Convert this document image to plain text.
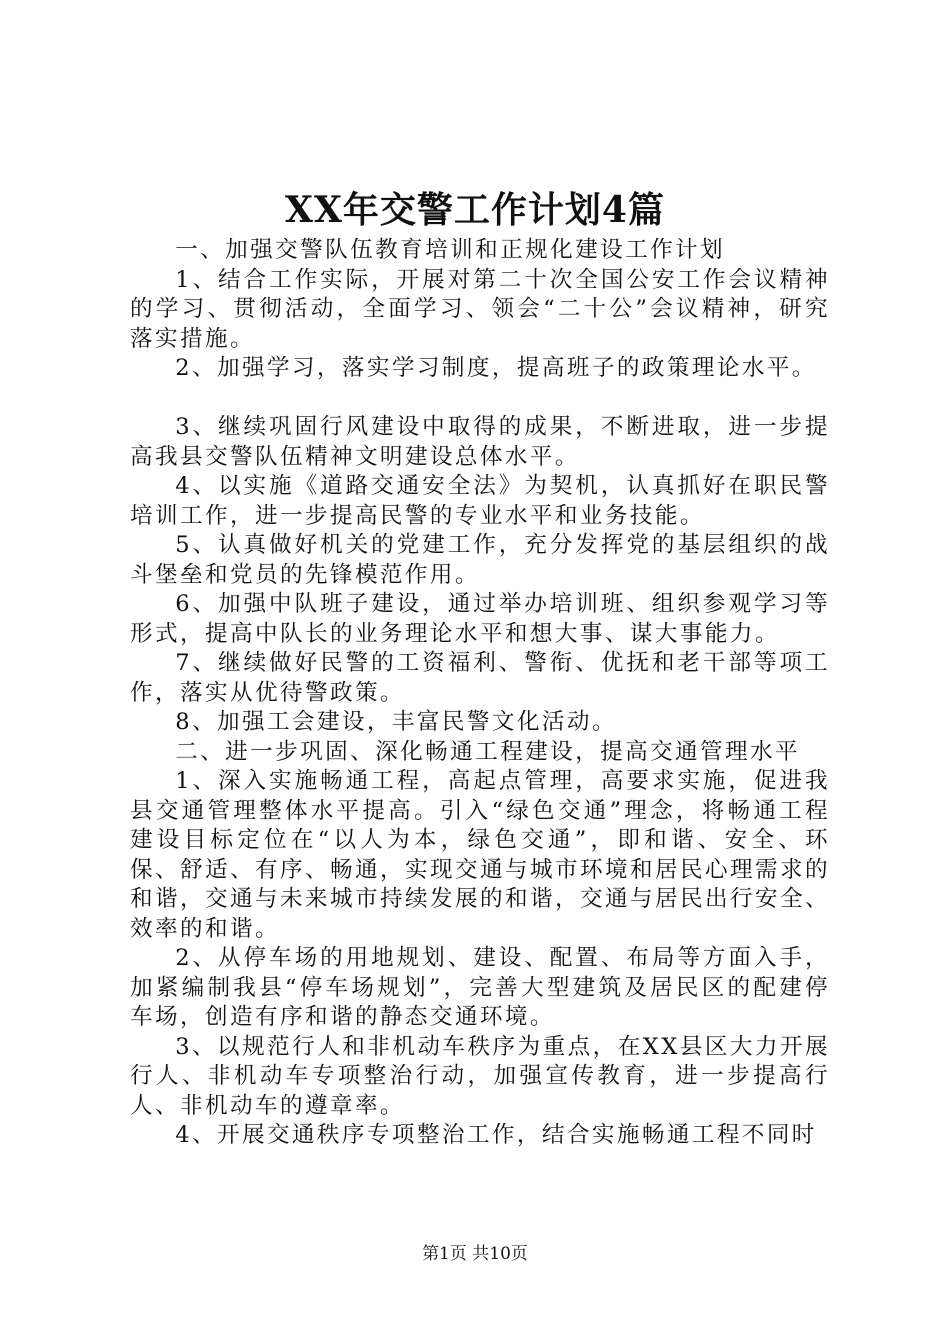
XX年交警工作计划4篇

一、加强交警队伍教育培训和正规化建设工作计划

1、结合工作实际，开展对第二十次全国公安工作会议精神的学习、贯彻活动，全面学习、领会“二十公”会议精神，研究落实措施。

2、加强学习，落实学习制度，提高班子的政策理论水平。

3、继续巩固行风建设中取得的成果，不断进取，进一步提高我县交警队伍精神文明建设总体水平。

4、以实施《道路交通安全法》为契机，认真抓好在职民警培训工作，进一步提高民警的专业水平和业务技能。

5、认真做好机关的党建工作，充分发挥党的基层组织的战斗堡垒和党员的先锋模范作用。

6、加强中队班子建设，通过举办培训班、组织参观学习等形式，提高中队长的业务理论水平和想大事、谋大事能力。

7、继续做好民警的工资福利、警衔、优抚和老干部等项工作，落实从优待警政策。

8、加强工会建设，丰富民警文化活动。

二、进一步巩固、深化畅通工程建设，提高交通管理水平

1、深入实施畅通工程，高起点管理，高要求实施，促进我县交通管理整体水平提高。引入“绿色交通”理念，将畅通工程建设目标定位在“以人为本，绿色交通”，即和谐、安全、环保、舒适、有序、畅通，实现交通与城市环境和居民心理需求的和谐，交通与未来城市持续发展的和谐，交通与居民出行安全、效率的和谐。

2、从停车场的用地规划、建设、配置、布局等方面入手，加紧编制我县“停车场规划”，完善大型建筑及居民区的配建停车场，创造有序和谐的静态交通环境。

3、以规范行人和非机动车秩序为重点，在XX县区大力开展行人、非机动车专项整治行动，加强宣传教育，进一步提高行人、非机动车的遵章率。

4、开展交通秩序专项整治工作，结合实施畅通工程不同时

第1页 共10页
